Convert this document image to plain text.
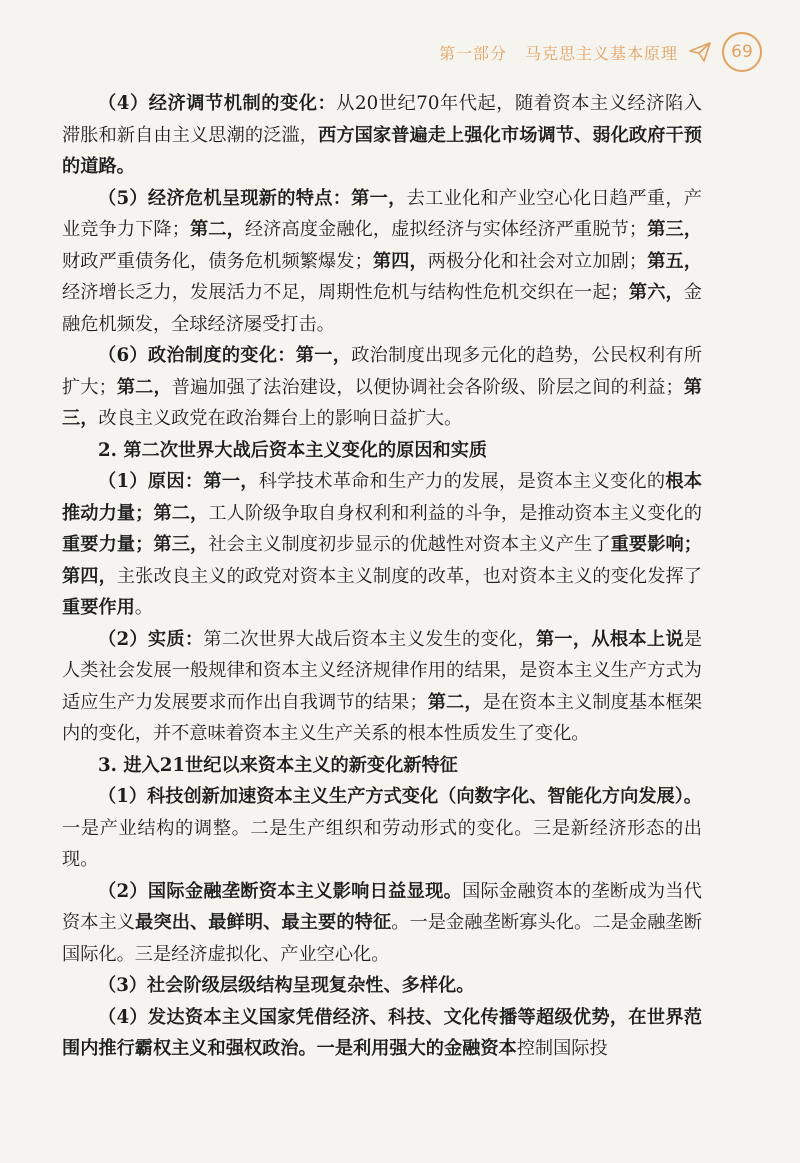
第一部分 马克思主义基本原理	69

（4）经济调节机制的变化：从20世纪70年代起，随着资本主义经济陷入滞胀和新自由主义思潮的泛滥，西方国家普遍走上强化市场调节、弱化政府干预的道路。

（5）经济危机呈现新的特点：第一，去工业化和产业空心化日趋严重，产业竞争力下降；第二，经济高度金融化，虚拟经济与实体经济严重脱节；第三，财政严重债务化，债务危机频繁爆发；第四，两极分化和社会对立加剧；第五，经济增长乏力，发展活力不足，周期性危机与结构性危机交织在一起；第六，金融危机频发，全球经济屡受打击。

（6）政治制度的变化：第一，政治制度出现多元化的趋势，公民权利有所扩大；第二，普遍加强了法治建设，以便协调社会各阶级、阶层之间的利益；第三，改良主义政党在政治舞台上的影响日益扩大。

2. 第二次世界大战后资本主义变化的原因和实质

（1）原因：第一，科学技术革命和生产力的发展，是资本主义变化的根本推动力量；第二，工人阶级争取自身权利和利益的斗争，是推动资本主义变化的重要力量；第三，社会主义制度初步显示的优越性对资本主义产生了重要影响；第四，主张改良主义的政党对资本主义制度的改革，也对资本主义的变化发挥了重要作用。

（2）实质：第二次世界大战后资本主义发生的变化，第一，从根本上说是人类社会发展一般规律和资本主义经济规律作用的结果，是资本主义生产方式为适应生产力发展要求而作出自我调节的结果；第二，是在资本主义制度基本框架内的变化，并不意味着资本主义生产关系的根本性质发生了变化。

3. 进入21世纪以来资本主义的新变化新特征

（1）科技创新加速资本主义生产方式变化（向数字化、智能化方向发展）。一是产业结构的调整。二是生产组织和劳动形式的变化。三是新经济形态的出现。

（2）国际金融垄断资本主义影响日益显现。国际金融资本的垄断成为当代资本主义最突出、最鲜明、最主要的特征。一是金融垄断寡头化。二是金融垄断国际化。三是经济虚拟化、产业空心化。

（3）社会阶级层级结构呈现复杂性、多样化。

（4）发达资本主义国家凭借经济、科技、文化传播等超级优势，在世界范围内推行霸权主义和强权政治。一是利用强大的金融资本控制国际投
